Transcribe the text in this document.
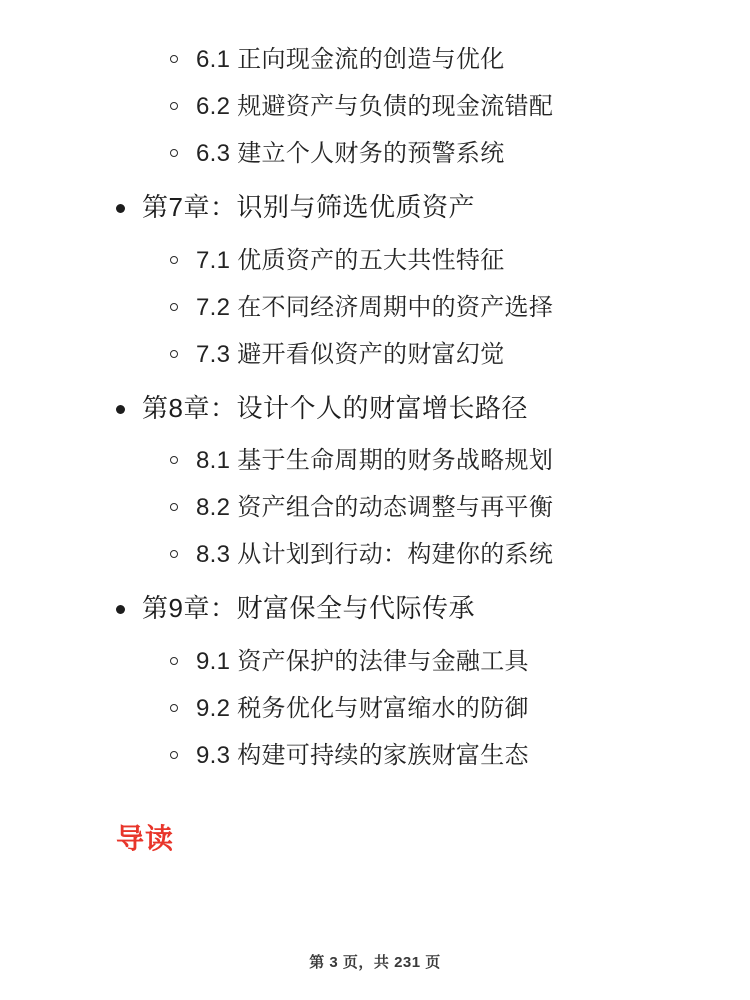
6.1 正向现金流的创造与优化
6.2 规避资产与负债的现金流错配
6.3 建立个人财务的预警系统
第7章：识别与筛选优质资产
7.1 优质资产的五大共性特征
7.2 在不同经济周期中的资产选择
7.3 避开看似资产的财富幻觉
第8章：设计个人的财富增长路径
8.1 基于生命周期的财务战略规划
8.2 资产组合的动态调整与再平衡
8.3 从计划到行动：构建你的系统
第9章：财富保全与代际传承
9.1 资产保护的法律与金融工具
9.2 税务优化与财富缩水的防御
9.3 构建可持续的家族财富生态
导读
第 3 页，共 231 页
